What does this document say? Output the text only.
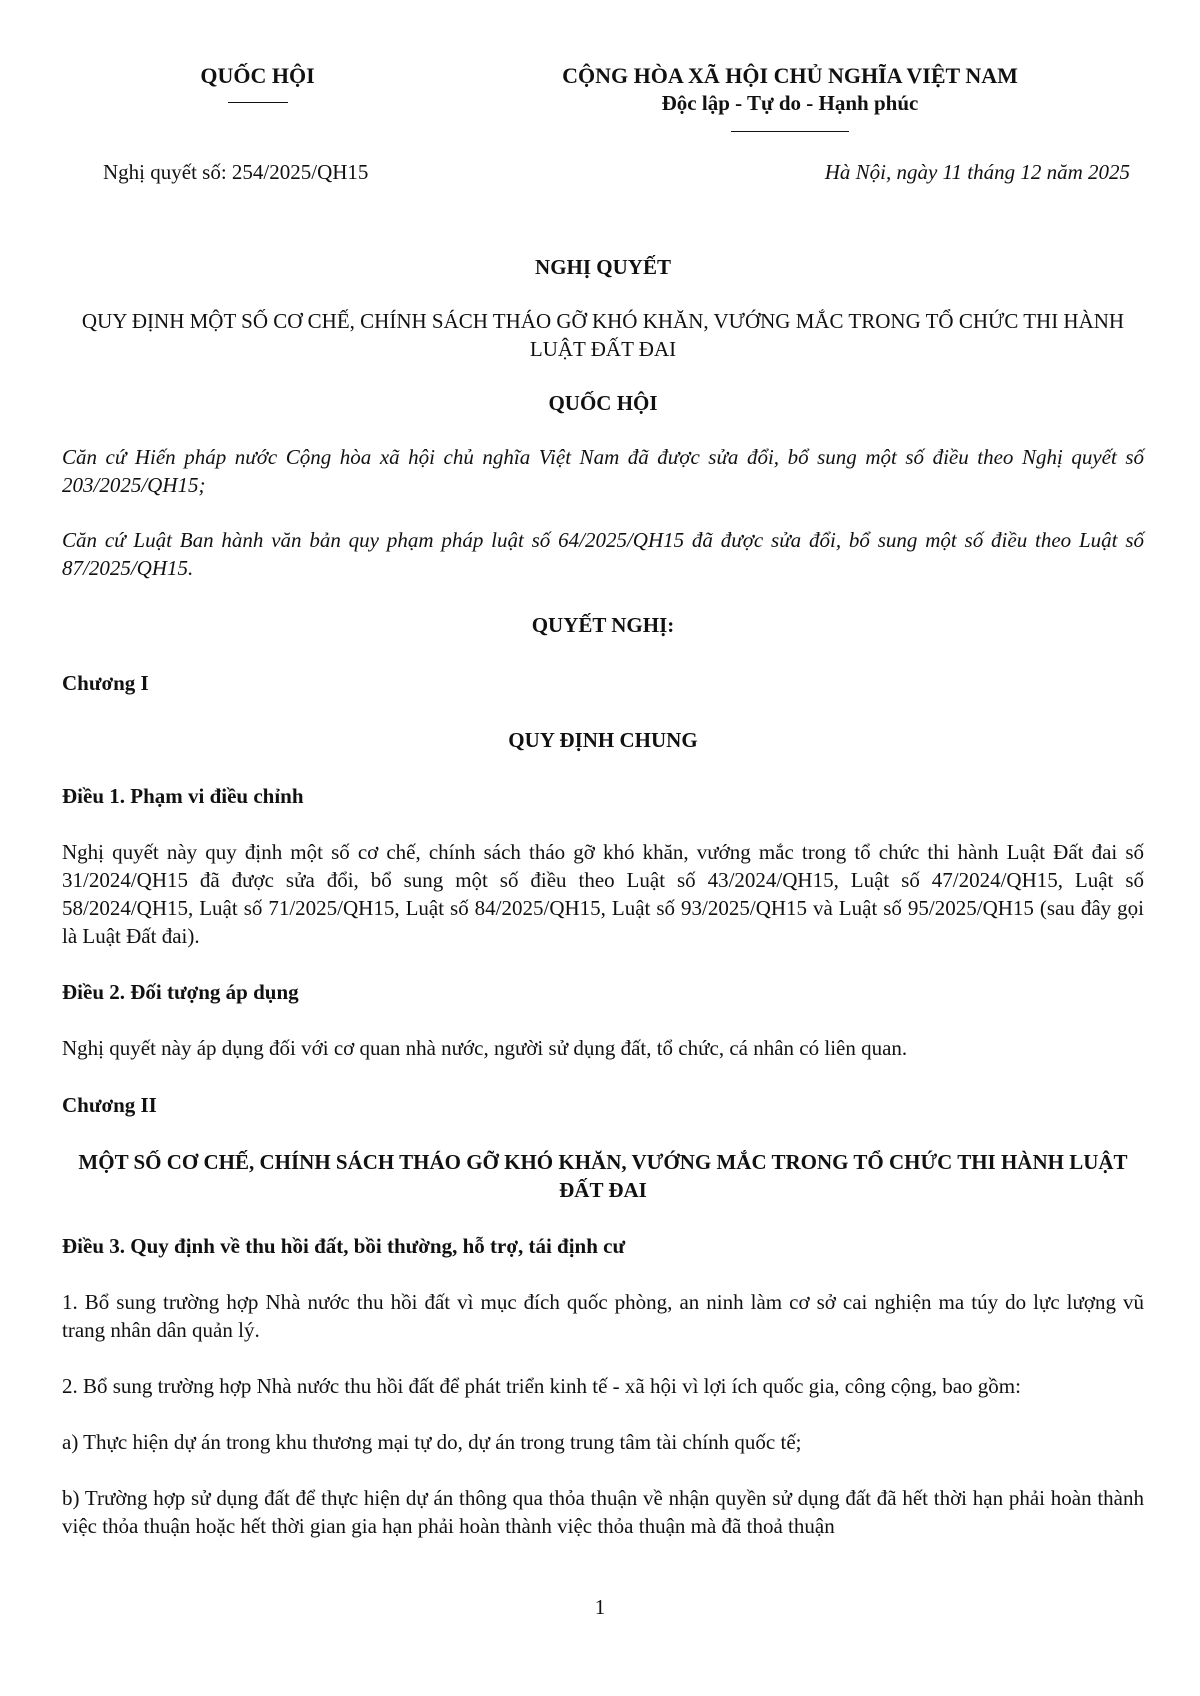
QUỐC HỘI	CỘNG HÒA XÃ HỘI CHỦ NGHĨA VIỆT NAM
Độc lập - Tự do - Hạnh phúc
Nghị quyết số: 254/2025/QH15	Hà Nội, ngày 11 tháng 12 năm 2025

NGHỊ QUYẾT

QUY ĐỊNH MỘT SỐ CƠ CHẾ, CHÍNH SÁCH THÁO GỠ KHÓ KHĂN, VƯỚNG MẮC TRONG TỔ CHỨC THI HÀNH LUẬT ĐẤT ĐAI

QUỐC HỘI

Căn cứ Hiến pháp nước Cộng hòa xã hội chủ nghĩa Việt Nam đã được sửa đổi, bổ sung một số điều theo Nghị quyết số 203/2025/QH15;

Căn cứ Luật Ban hành văn bản quy phạm pháp luật số 64/2025/QH15 đã được sửa đổi, bổ sung một số điều theo Luật số 87/2025/QH15.

QUYẾT NGHỊ:

Chương I

QUY ĐỊNH CHUNG

Điều 1. Phạm vi điều chỉnh

Nghị quyết này quy định một số cơ chế, chính sách tháo gỡ khó khăn, vướng mắc trong tổ chức thi hành Luật Đất đai số 31/2024/QH15 đã được sửa đổi, bổ sung một số điều theo Luật số 43/2024/QH15, Luật số 47/2024/QH15, Luật số 58/2024/QH15, Luật số 71/2025/QH15, Luật số 84/2025/QH15, Luật số 93/2025/QH15 và Luật số 95/2025/QH15 (sau đây gọi là Luật Đất đai).

Điều 2. Đối tượng áp dụng

Nghị quyết này áp dụng đối với cơ quan nhà nước, người sử dụng đất, tổ chức, cá nhân có liên quan.

Chương II

MỘT SỐ CƠ CHẾ, CHÍNH SÁCH THÁO GỠ KHÓ KHĂN, VƯỚNG MẮC TRONG TỔ CHỨC THI HÀNH LUẬT ĐẤT ĐAI

Điều 3. Quy định về thu hồi đất, bồi thường, hỗ trợ, tái định cư

1. Bổ sung trường hợp Nhà nước thu hồi đất vì mục đích quốc phòng, an ninh làm cơ sở cai nghiện ma túy do lực lượng vũ trang nhân dân quản lý.

2. Bổ sung trường hợp Nhà nước thu hồi đất để phát triển kinh tế - xã hội vì lợi ích quốc gia, công cộng, bao gồm:

a) Thực hiện dự án trong khu thương mại tự do, dự án trong trung tâm tài chính quốc tế;

b) Trường hợp sử dụng đất để thực hiện dự án thông qua thỏa thuận về nhận quyền sử dụng đất đã hết thời hạn phải hoàn thành việc thỏa thuận hoặc hết thời gian gia hạn phải hoàn thành việc thỏa thuận mà đã thoả thuận

1
